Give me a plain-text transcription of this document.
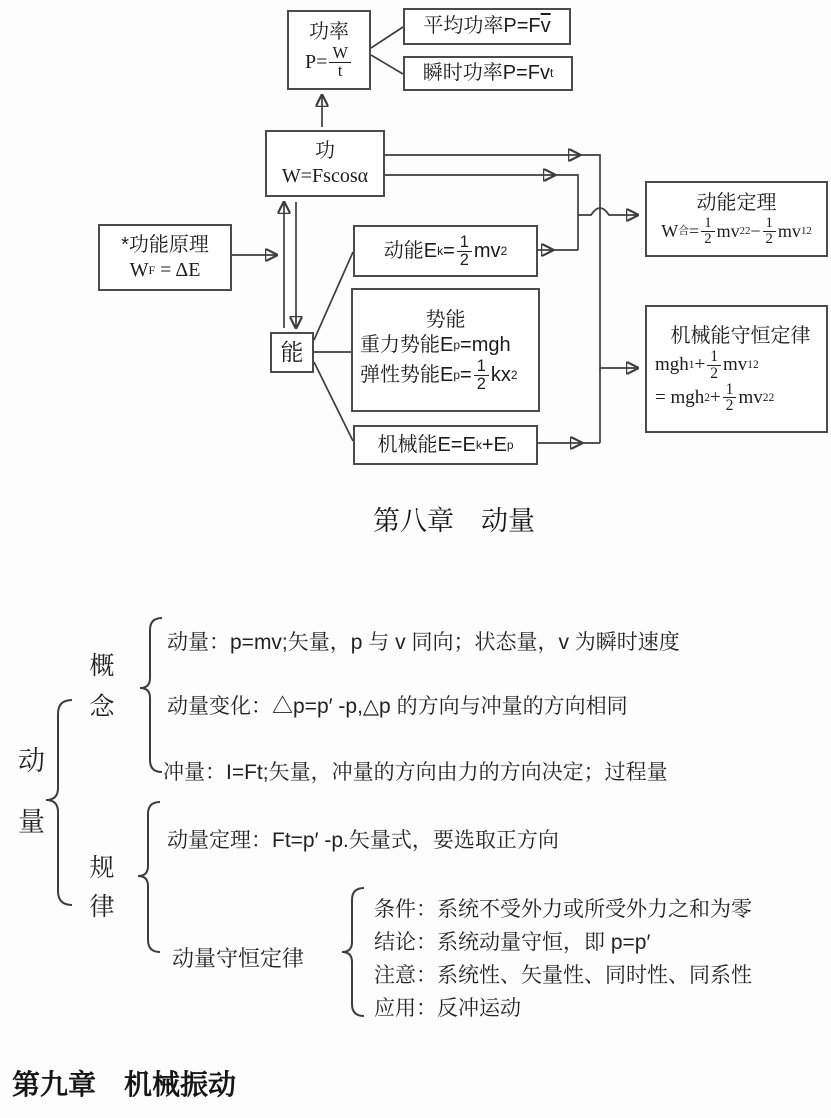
功率
$P= \frac{W}{t}$
平均功率P=F $\overline{v}$
瞬时功率P=Fv t
功
W=Fscosα
*功能原理
W F
= ΔE
能
动能E $k = \frac{1}{2}$ mv 2
势能
重力势能E p =mgh
弹性势能E $p = \frac{1}{2}$ kx 2
机械能E=E k +E p
动能定理
W 合 = $\frac{1}{2}$ mv 2 $2 - \frac{1}{2}$ mv 1 2
机械能守恒定律
mgh $1 + \frac{1}{2}$ mv 1 2
= mgh $2 + \frac{1}{2}$ mv 2 2
第八章　动量
动量
概念
规律
动量：p=mv;矢量，p 与 v 同向；状态量，v 为瞬时速度
动量变化：△p=p′ -p,△p 的方向与冲量的方向相同
冲量：I=Ft;矢量，冲量的方向由力的方向决定；过程量
动量定理：Ft=p′ -p.矢量式，要选取正方向
动量守恒定律
条件：系统不受外力或所受外力之和为零
结论：系统动量守恒，即 p=p′
注意：系统性、矢量性、同时性、同系性
应用：反冲运动
第九章　机械振动
